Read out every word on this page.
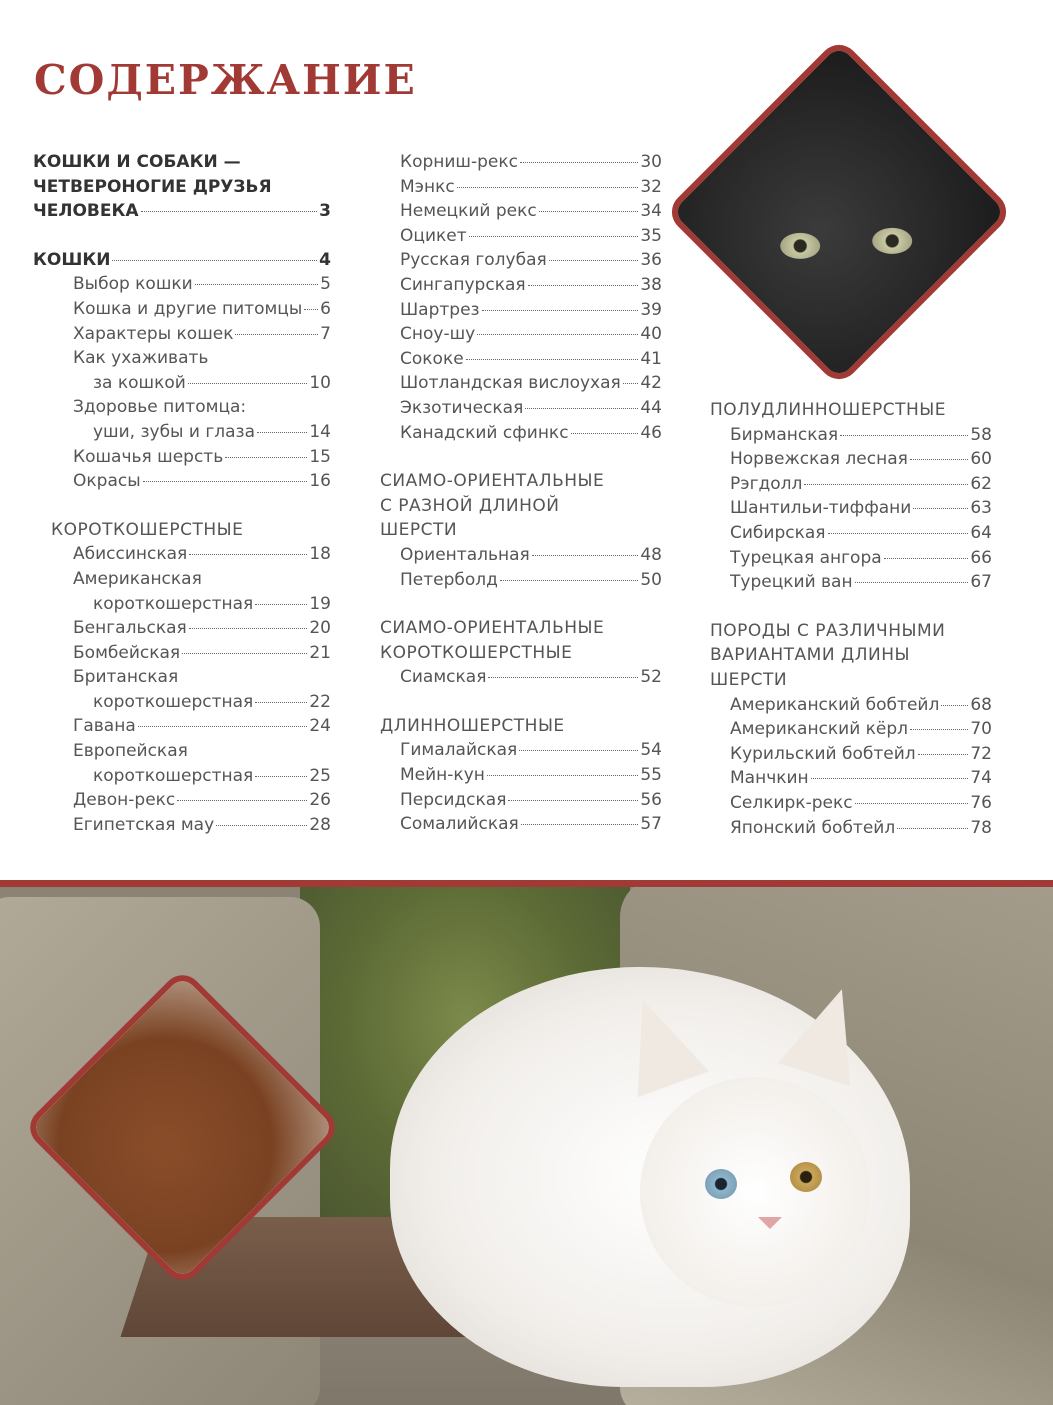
СОДЕРЖАНИЕ
КОШКИ И СОБАКИ —
ЧЕТВЕРОНОГИЕ ДРУЗЬЯ
ЧЕЛОВЕКА	3
КОШКИ	4
Выбор кошки	5
Кошка и другие питомцы 6
Характеры кошек	7
Как ухаживать
за кошкой	10
Здоровье питомца:
уши, зубы и глаза	14
Кошачья шерсть	15
Окрасы	16
КОРОТКОШЕРСТНЫЕ
Абиссинская	18
Американская
короткошерстная	19
Бенгальская	20
Бомбейская	21
Британская
короткошерстная	22
Гавана	24
Европейская
короткошерстная	25
Девон-рекс	26
Египетская мау	28
Корниш-рекс	30
Мэнкс	32
Немецкий рекс	34
Оцикет	35
Русская голубая	36
Сингапурская	38
Шартрез	39
Сноу-шу	40
Сококе	41
Шотландская вислоухая 42
Экзотическая	44
Канадский сфинкс	46
СИАМО-ОРИЕНТАЛЬНЫЕ
С РАЗНОЙ ДЛИНОЙ
ШЕРСТИ
Ориентальная	48
Петерболд	50
СИАМО-ОРИЕНТАЛЬНЫЕ
КОРОТКОШЕРСТНЫЕ
Сиамская	52
ДЛИННОШЕРСТНЫЕ
Гималайская	54
Мейн-кун	55
Персидская	56
Сомалийская	57
ПОЛУДЛИННОШЕРСТНЫЕ
Бирманская	58
Норвежская лесная	60
Рэгдолл	62
Шантильи-тиффани	63
Сибирская	64
Турецкая ангора	66
Турецкий ван	67
ПОРОДЫ С РАЗЛИЧНЫМИ
ВАРИАНТАМИ ДЛИНЫ
ШЕРСТИ
Американский бобтейл 68
Американский кёрл	70
Курильский бобтейл	72
Манчкин	74
Селкирк-рекс	76
Японский бобтейл	78
